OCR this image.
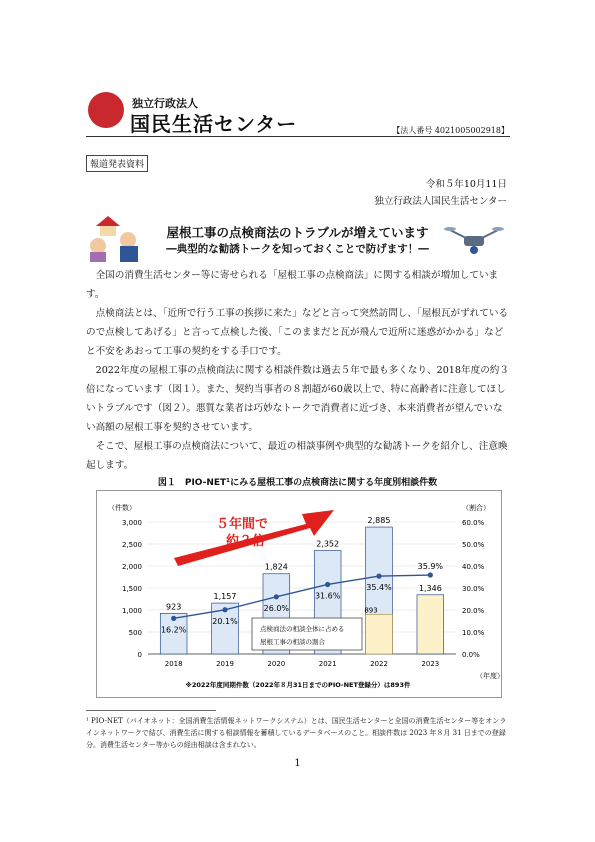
独立行政法人
国民生活センター	【法人番号 4021005002918】
報道発表資料
令和５年10月11日
独立行政法人国民生活センター
屋根工事の点検商法のトラブルが増えています
―典型的な勧誘トークを知っておくことで防げます！―

全国の消費生活センター等に寄せられる「屋根工事の点検商法」に関する相談が増加しています。

点検商法とは、「近所で行う工事の挨拶に来た」などと言って突然訪問し、「屋根瓦がずれているので点検してあげる」と言って点検した後、「このままだと瓦が飛んで近所に迷惑がかかる」などと不安をあおって工事の契約をする手口です。

2022年度の屋根工事の点検商法に関する相談件数は過去５年で最も多くなり、2018年度の約３倍になっています（図１）。また、契約当事者の８割超が60歳以上で、特に高齢者に注意してほしいトラブルです（図２）。悪質な業者は巧妙なトークで消費者に近づき、本来消費者が望んでいない高額の屋根工事を契約させています。

そこで、屋根工事の点検商法について、最近の相談事例や典型的な勧誘トークを紹介し、注意喚起します。

図１　PIO-NET¹にみる屋根工事の点検商法に関する年度別相談件数
3,000	60.0%
2,500	50.0%
2,000	40.0%
1,500	30.0%
1,000	20.0%
500	10.0%
0	0.0%
（件数）	（割合）
（年度）
５年間で
約３倍
923
2018
1,157
2019
1,824
2020
2,352
2021
2,885
2022
1,346
2023
893
16.2%
20.1%
26.0%
31.6%
35.4%
35.9%
点検商法の相談全体に占める
屋根工事の相談の割合
※2022年度同期件数（2022年８月31日までのPIO-NET登録分）は893件
¹ PIO-NET（パイオネット：全国消費生活情報ネットワークシステム）とは、国民生活センターと全国の消費生活センター等をオンラインネットワークで結び、消費生活に関する相談情報を蓄積しているデータベースのこと。相談件数は 2023 年８月 31 日までの登録分。消費生活センター等からの経由相談は含まれない。
1
